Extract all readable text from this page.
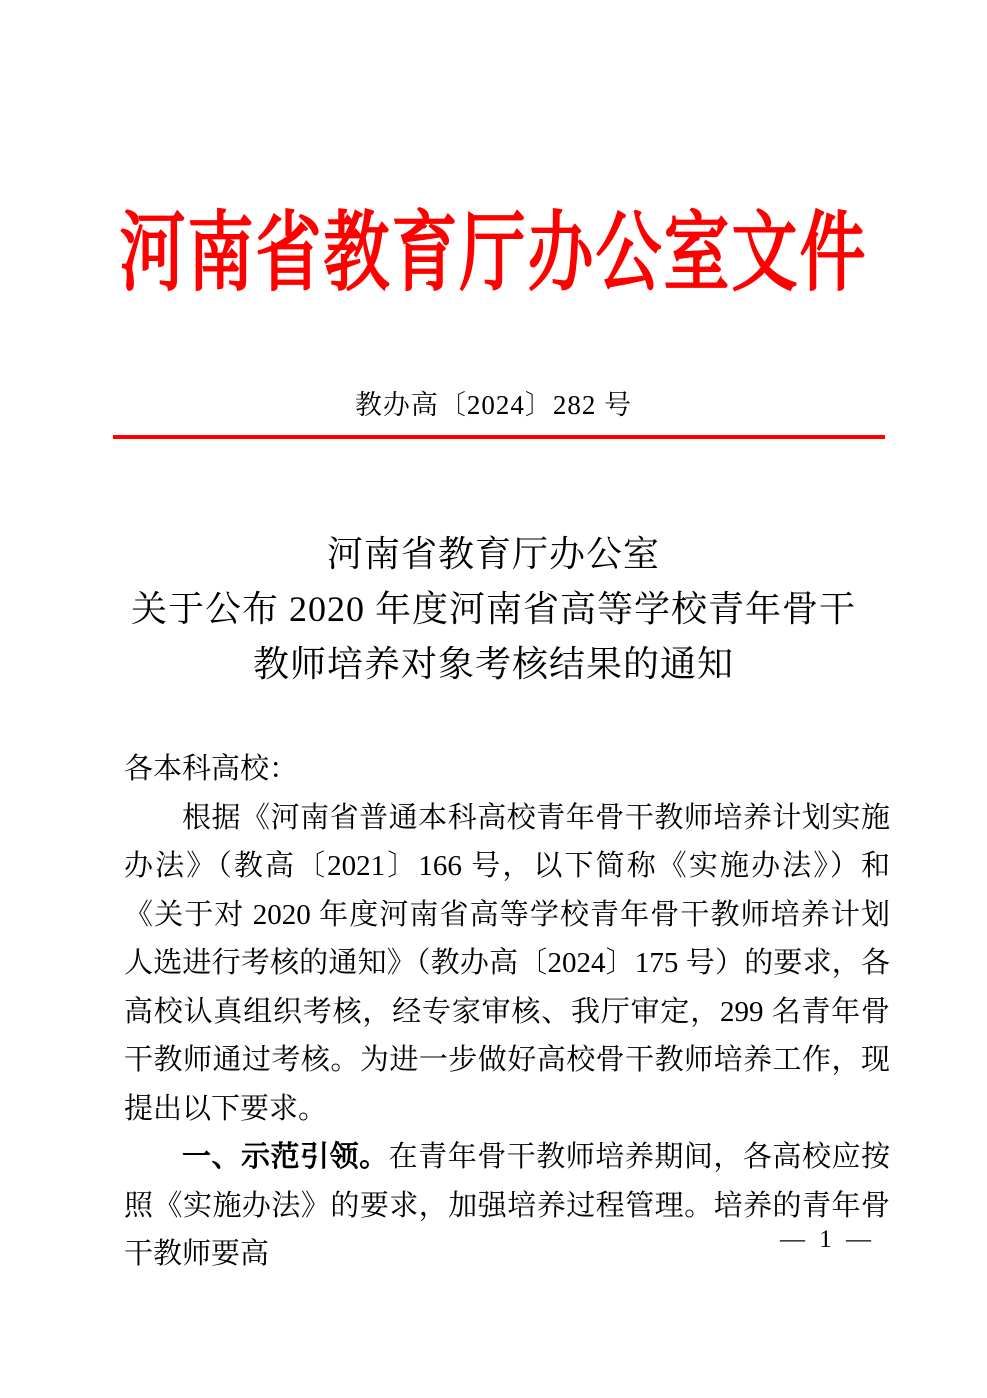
河南省教育厅办公室文件
教办高〔2024〕282 号
河南省教育厅办公室
关于公布 2020 年度河南省高等学校青年骨干
教师培养对象考核结果的通知

各本科高校：

根据《河南省普通本科高校青年骨干教师培养计划实施办法》（教高〔2021〕166 号，以下简称《实施办法》）和《关于对 2020 年度河南省高等学校青年骨干教师培养计划人选进行考核的通知》（教办高〔2024〕175 号）的要求，各高校认真组织考核，经专家审核、我厅审定，299 名青年骨干教师通过考核。为进一步做好高校骨干教师培养工作，现提出以下要求。

一、示范引领。在青年骨干教师培养期间，各高校应按照《实施办法》的要求，加强培养过程管理。培养的青年骨干教师要高	— 1 —
